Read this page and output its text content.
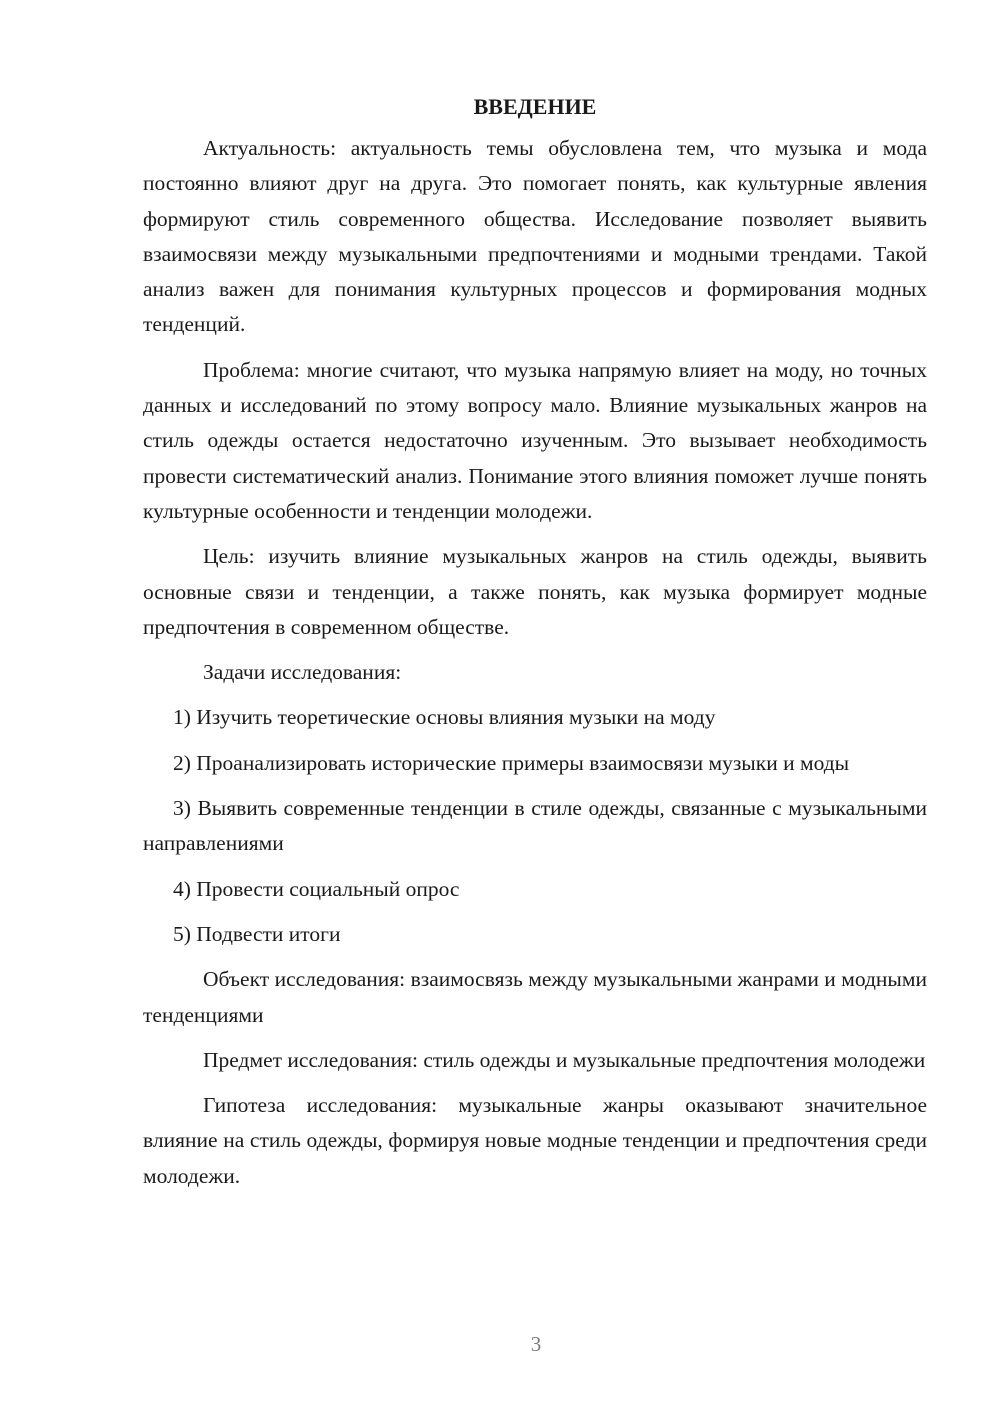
ВВЕДЕНИЕ

Актуальность: актуальность темы обусловлена тем, что музыка и мода постоянно влияют друг на друга. Это помогает понять, как культурные явления формируют стиль современного общества. Исследование позволяет выявить взаимосвязи между музыкальными предпочтениями и модными трендами. Такой анализ важен для понимания культурных процессов и формирования модных тенденций.

Проблема: многие считают, что музыка напрямую влияет на моду, но точных данных и исследований по этому вопросу мало. Влияние музыкальных жанров на стиль одежды остается недостаточно изученным. Это вызывает необходимость провести систематический анализ. Понимание этого влияния поможет лучше понять культурные особенности и тенденции молодежи.

Цель: изучить влияние музыкальных жанров на стиль одежды, выявить основные связи и тенденции, а также понять, как музыка формирует модные предпочтения в современном обществе.

Задачи исследования:

1) Изучить теоретические основы влияния музыки на моду

2) Проанализировать исторические примеры взаимосвязи музыки и моды

3) Выявить современные тенденции в стиле одежды, связанные с музыкальными направлениями

4) Провести социальный опрос

5) Подвести итоги

Объект исследования: взаимосвязь между музыкальными жанрами и модными тенденциями

Предмет исследования: стиль одежды и музыкальные предпочтения молодежи

Гипотеза исследования: музыкальные жанры оказывают значительное влияние на стиль одежды, формируя новые модные тенденции и предпочтения среди молодежи.

3
